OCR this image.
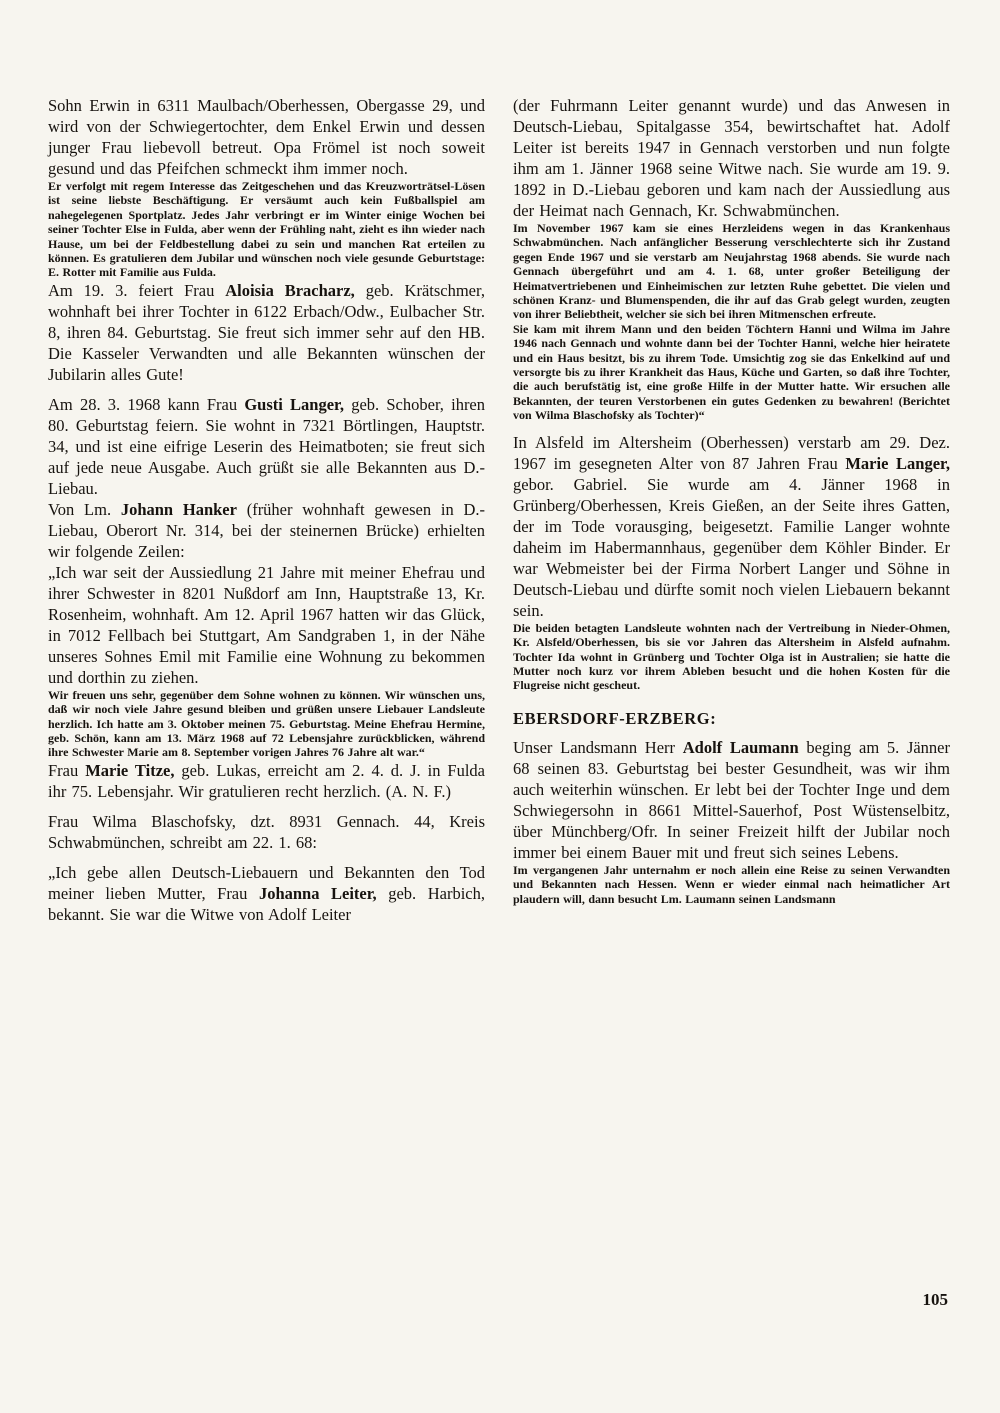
Sohn Erwin in 6311 Maulbach/Oberhessen, Obergasse 29, und wird von der Schwiegertochter, dem Enkel Erwin und dessen junger Frau liebevoll betreut. Opa Frömel ist noch soweit gesund und das Pfeifchen schmeckt ihm immer noch.

Er verfolgt mit regem Interesse das Zeitgeschehen und das Kreuzworträtsel-Lösen ist seine liebste Beschäftigung. Er versäumt auch kein Fußballspiel am nahegelegenen Sportplatz. Jedes Jahr verbringt er im Winter einige Wochen bei seiner Tochter Else in Fulda, aber wenn der Frühling naht, zieht es ihn wieder nach Hause, um bei der Feldbestellung dabei zu sein und manchen Rat erteilen zu können. Es gratulieren dem Jubilar und wünschen noch viele gesunde Geburtstage: E. Rotter mit Familie aus Fulda.

Am 19. 3. feiert Frau Aloisia Bracharz, geb. Krätschmer, wohnhaft bei ihrer Tochter in 6122 Erbach/Odw., Eulbacher Str. 8, ihren 84. Geburtstag. Sie freut sich immer sehr auf den HB. Die Kasseler Verwandten und alle Bekannten wünschen der Jubilarin alles Gute!

Am 28. 3. 1968 kann Frau Gusti Langer, geb. Schober, ihren 80. Geburtstag feiern. Sie wohnt in 7321 Börtlingen, Hauptstr. 34, und ist eine eifrige Leserin des Heimatboten; sie freut sich auf jede neue Ausgabe. Auch grüßt sie alle Bekannten aus D.-Liebau.

Von Lm. Johann Hanker (früher wohnhaft gewesen in D.-Liebau, Oberort Nr. 314, bei der steinernen Brücke) erhielten wir folgende Zeilen:

„Ich war seit der Aussiedlung 21 Jahre mit meiner Ehefrau und ihrer Schwester in 8201 Nußdorf am Inn, Hauptstraße 13, Kr. Rosenheim, wohnhaft. Am 12. April 1967 hatten wir das Glück, in 7012 Fellbach bei Stuttgart, Am Sandgraben 1, in der Nähe unseres Sohnes Emil mit Familie eine Wohnung zu bekommen und dorthin zu ziehen.

Wir freuen uns sehr, gegenüber dem Sohne wohnen zu können. Wir wünschen uns, daß wir noch viele Jahre gesund bleiben und grüßen unsere Liebauer Landsleute herzlich. Ich hatte am 3. Oktober meinen 75. Geburtstag. Meine Ehefrau Hermine, geb. Schön, kann am 13. März 1968 auf 72 Lebensjahre zurückblicken, während ihre Schwester Marie am 8. September vorigen Jahres 76 Jahre alt war.“

Frau Marie Titze, geb. Lukas, erreicht am 2. 4. d. J. in Fulda ihr 75. Lebensjahr. Wir gratulieren recht herzlich. (A. N. F.)

Frau Wilma Blaschofsky, dzt. 8931 Gennach. 44, Kreis Schwabmünchen, schreibt am 22. 1. 68:

„Ich gebe allen Deutsch-Liebauern und Bekannten den Tod meiner lieben Mutter, Frau Johanna Leiter, geb. Harbich, bekannt. Sie war die Witwe von Adolf Leiter

(der Fuhrmann Leiter genannt wurde) und das Anwesen in Deutsch-Liebau, Spitalgasse 354, bewirtschaftet hat. Adolf Leiter ist bereits 1947 in Gennach verstorben und nun folgte ihm am 1. Jänner 1968 seine Witwe nach. Sie wurde am 19. 9. 1892 in D.-Liebau geboren und kam nach der Aussiedlung aus der Heimat nach Gennach, Kr. Schwabmünchen.

Im November 1967 kam sie eines Herzleidens wegen in das Krankenhaus Schwabmünchen. Nach anfänglicher Besserung verschlechterte sich ihr Zustand gegen Ende 1967 und sie verstarb am Neujahrstag 1968 abends. Sie wurde nach Gennach übergeführt und am 4. 1. 68, unter großer Beteiligung der Heimatvertriebenen und Einheimischen zur letzten Ruhe gebettet. Die vielen und schönen Kranz- und Blumenspenden, die ihr auf das Grab gelegt wurden, zeugten von ihrer Beliebtheit, welcher sie sich bei ihren Mitmenschen erfreute.

Sie kam mit ihrem Mann und den beiden Töchtern Hanni und Wilma im Jahre 1946 nach Gennach und wohnte dann bei der Tochter Hanni, welche hier heiratete und ein Haus besitzt, bis zu ihrem Tode. Umsichtig zog sie das Enkelkind auf und versorgte bis zu ihrer Krankheit das Haus, Küche und Garten, so daß ihre Tochter, die auch berufstätig ist, eine große Hilfe in der Mutter hatte. Wir ersuchen alle Bekannten, der teuren Verstorbenen ein gutes Gedenken zu bewahren! (Berichtet von Wilma Blaschofsky als Tochter)“

In Alsfeld im Altersheim (Oberhessen) verstarb am 29. Dez. 1967 im gesegneten Alter von 87 Jahren Frau Marie Langer, gebor. Gabriel. Sie wurde am 4. Jänner 1968 in Grünberg/Oberhessen, Kreis Gießen, an der Seite ihres Gatten, der im Tode vorausging, beigesetzt. Familie Langer wohnte daheim im Habermannhaus, gegenüber dem Köhler Binder. Er war Webmeister bei der Firma Norbert Langer und Söhne in Deutsch-Liebau und dürfte somit noch vielen Liebauern bekannt sein.

Die beiden betagten Landsleute wohnten nach der Vertreibung in Nieder-Ohmen, Kr. Alsfeld/Oberhessen, bis sie vor Jahren das Altersheim in Alsfeld aufnahm. Tochter Ida wohnt in Grünberg und Tochter Olga ist in Australien; sie hatte die Mutter noch kurz vor ihrem Ableben besucht und die hohen Kosten für die Flugreise nicht gescheut.

EBERSDORF-ERZBERG:

Unser Landsmann Herr Adolf Laumann beging am 5. Jänner 68 seinen 83. Geburtstag bei bester Gesundheit, was wir ihm auch weiterhin wünschen. Er lebt bei der Tochter Inge und dem Schwiegersohn in 8661 Mittel-Sauerhof, Post Wüstenselbitz, über Münchberg/Ofr. In seiner Freizeit hilft der Jubilar noch immer bei einem Bauer mit und freut sich seines Lebens.

Im vergangenen Jahr unternahm er noch allein eine Reise zu seinen Verwandten und Bekannten nach Hessen. Wenn er wieder einmal nach heimatlicher Art plaudern will, dann besucht Lm. Laumann seinen Landsmann

105
